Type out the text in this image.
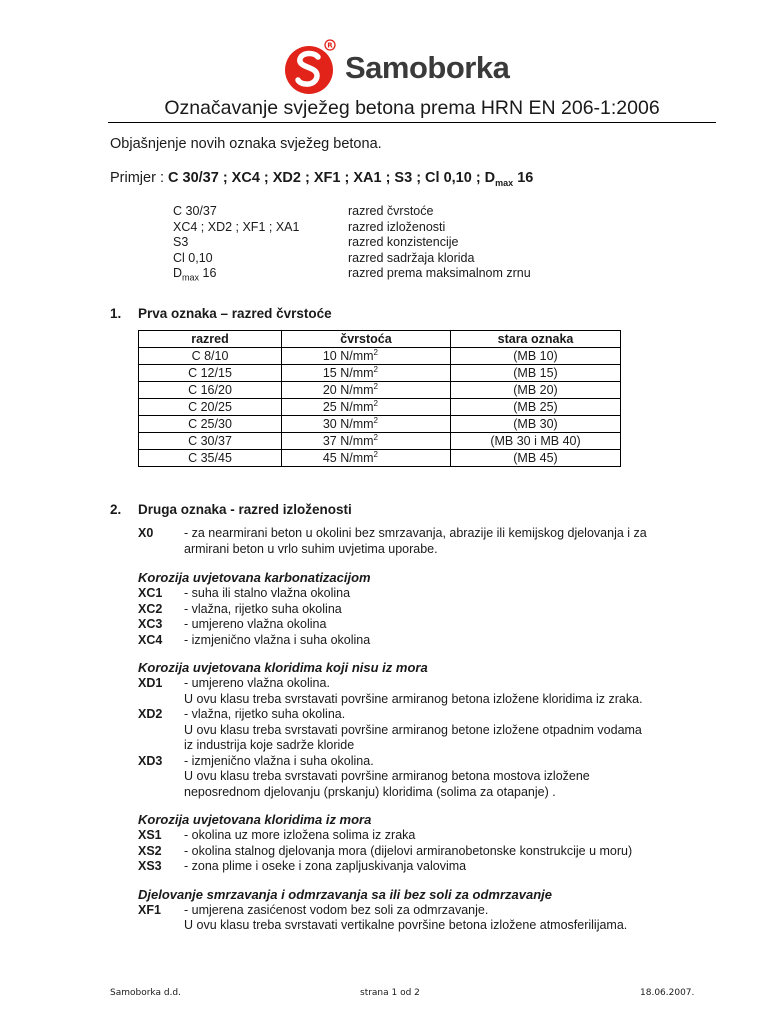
R
Samoborka
Označavanje svježeg betona prema HRN EN 206-1:2006
Objašnjenje novih oznaka svježeg betona.
Primjer : C 30/37 ; XC4 ; XD2 ; XF1 ; XA1 ; S3 ; Cl 0,10 ; $D_{max}$ 16
C 30/37	razred čvrstoće
XC4 ; XD2 ; XF1 ; XA1	razred izloženosti
S3	razred konzistencije
Cl 0,10	razred sadržaja klorida
$D_{max}$ 16	razred prema maksimalnom zrnu
1. Prva oznaka – razred čvrstoće
razred	čvrstoća	stara oznaka
C 8/10	10 $N/mm^2$	(MB 10)
C 12/15	15 $N/mm^2$	(MB 15)
C 16/20	20 $N/mm^2$	(MB 20)
C 20/25	25 $N/mm^2$	(MB 25)
C 25/30	30 $N/mm^2$	(MB 30)
C 30/37	37 $N/mm^2$	(MB 30 i MB 40)
C 35/45	45 $N/mm^2$	(MB 45)
2. Druga oznaka - razred izloženosti
X0	- za nearmirani beton u okolini bez smrzavanja, abrazije ili kemijskog djelovanja i za
armirani beton u vrlo suhim uvjetima uporabe.
Korozija uvjetovana karbonatizacijom
XC1	- suha ili stalno vlažna okolina
XC2	- vlažna, rijetko suha okolina
XC3	- umjereno vlažna okolina
XC4	- izmjenično vlažna i suha okolina
Korozija uvjetovana kloridima koji nisu iz mora
XD1	- umjereno vlažna okolina.
U ovu klasu treba svrstavati površine armiranog betona izložene kloridima iz zraka.
XD2	- vlažna, rijetko suha okolina.
U ovu klasu treba svrstavati površine armiranog betone izložene otpadnim vodama
iz industrija koje sadrže kloride
XD3	- izmjenično vlažna i suha okolina.
U ovu klasu treba svrstavati površine armiranog betona mostova izložene
neposrednom djelovanju (prskanju) kloridima (solima za otapanje) .
Korozija uvjetovana kloridima iz mora
XS1	- okolina uz more izložena solima iz zraka
XS2	- okolina stalnog djelovanja mora (dijelovi armiranobetonske konstrukcije u moru)
XS3	- zona plime i oseke i zona zapljuskivanja valovima
Djelovanje smrzavanja i odmrzavanja sa ili bez soli za odmrzavanje
XF1	- umjerena zasićenost vodom bez soli za odmrzavanje.
U ovu klasu treba svrstavati vertikalne površine betona izložene atmosferilijama.
Samoborka d.d.	strana 1 od 2	18.06.2007.
